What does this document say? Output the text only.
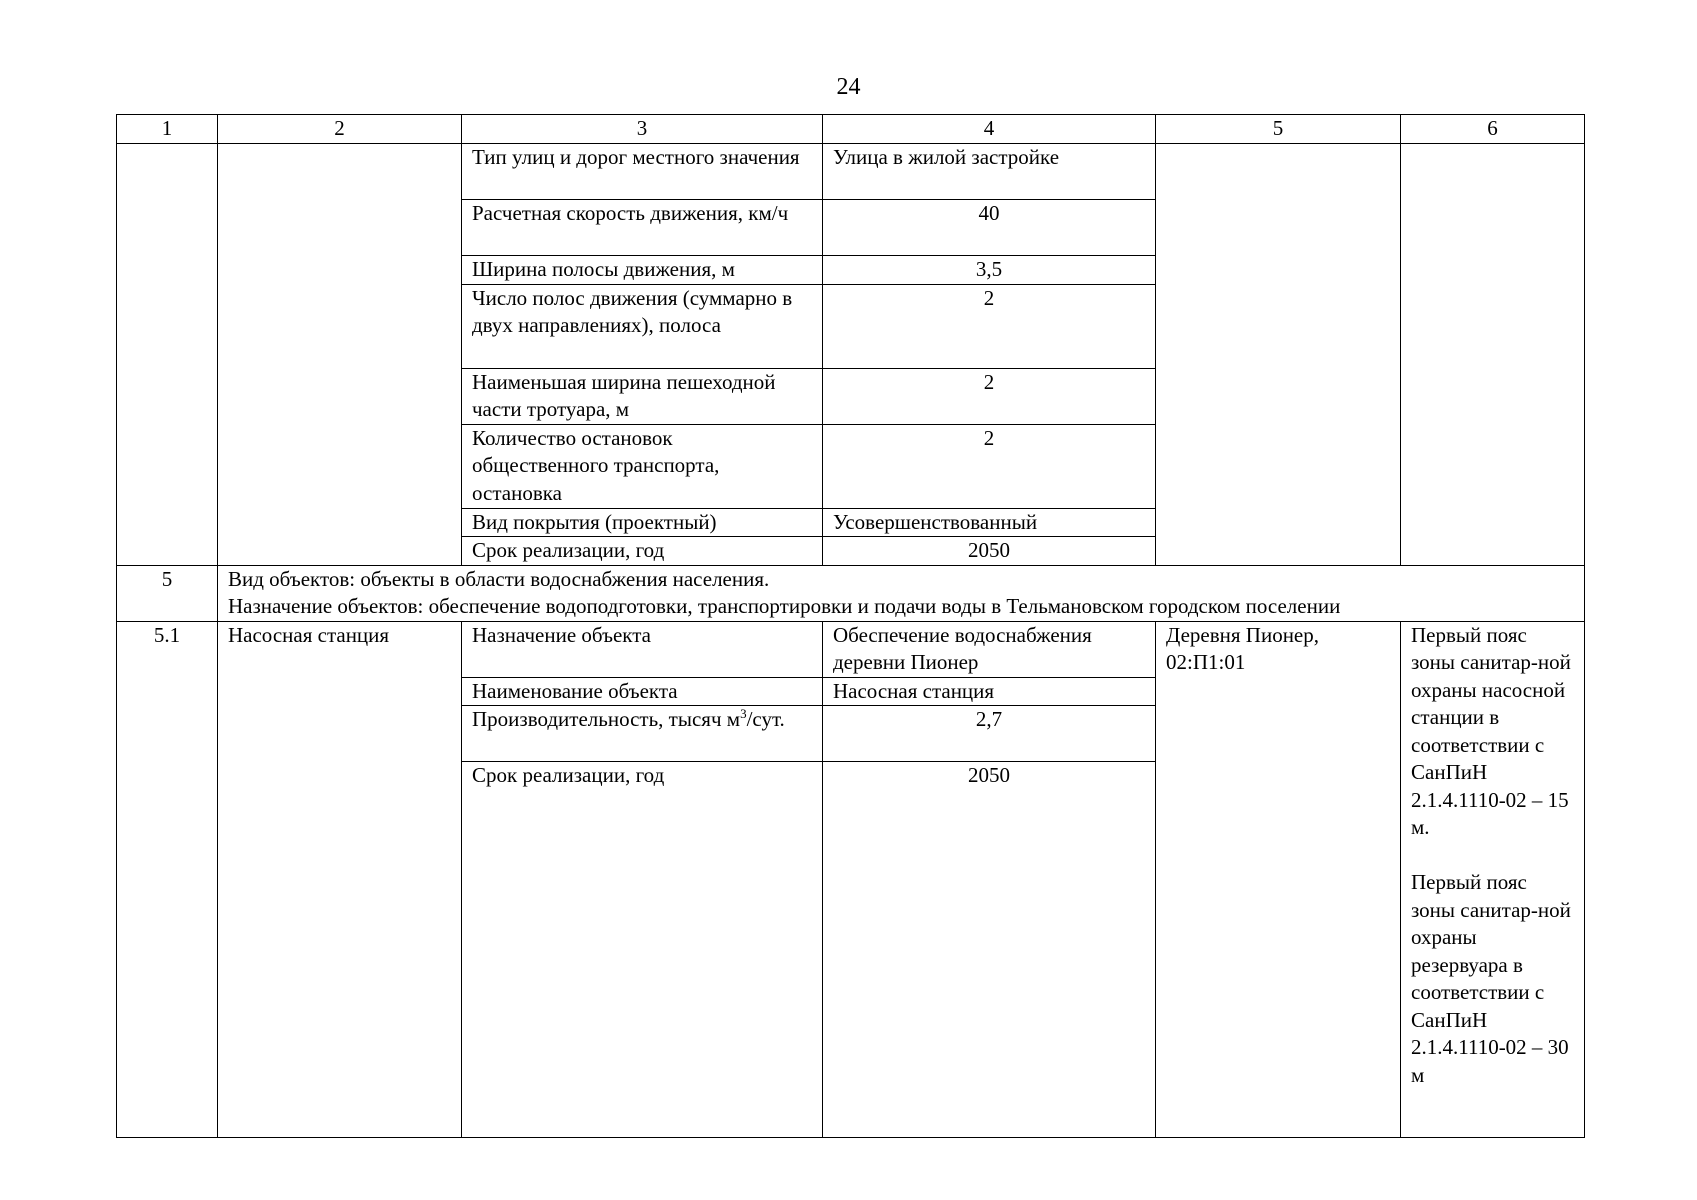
24
1	2	3	4	5	6
		Тип улиц и дорог местного значения	Улица в жилой застройке		
		Расчетная скорость движения, км/ч	40		
		Ширина полосы движения, м	3,5		
		Число полос движения (суммарно в двух направлениях), полоса	2		
		Наименьшая ширина пешеходной части тротуара, м	2		
		Количество остановок общественного транспорта, остановка	2		
		Вид покрытия (проектный)	Усовершенствованный		
		Срок реализации, год	2050		
5	Вид объектов: объекты в области водоснабжения населения.
Назначение объектов: обеспечение водоподготовки, транспортировки и подачи воды в Тельмановском городском поселении				

5.1	Насосная станция	Назначение объекта	Обеспечение водоснабжения деревни Пионер	Деревня Пионер, 02:П1:01	Первый пояс зоны санитар-ной охраны насосной станции в соответствии с СанПиН 2.1.4.1110-02 – 15 м.
Первый пояс зоны санитар-ной охраны резервуара в соответствии с СанПиН 2.1.4.1110-02 – 30 м

		Наименование объекта	Насосная станция		
		Производительность, тысяч $м^3$/сут.	2,7		
		Срок реализации, год	2050		
